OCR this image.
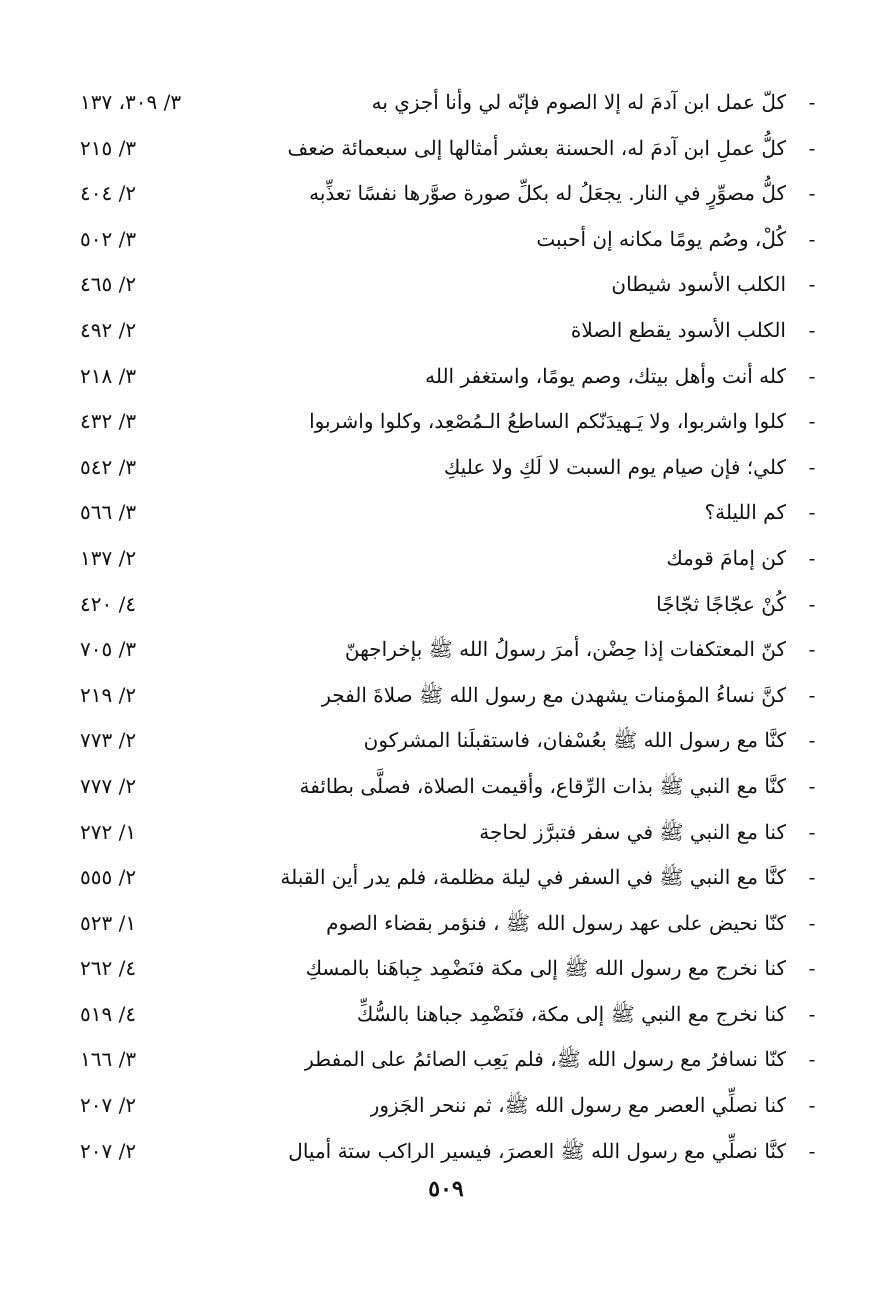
-
كلّ عمل ابن آدمَ له إلا الصوم فإنّه لي وأنا أجزي به
٣/ ٣٠٩، ١٣٧
-
كلُّ عملِ ابن آدمَ له، الحسنة بعشر أمثالها إلى سبعمائة ضعف
٣/ ٢١٥
-
كلُّ مصوِّرٍ في النار. يجعَلُ له بكلِّ صورة صوَّرها نفسًا تعذِّبه
٢/ ٤٠٤
-
كُلْ، وصُم يومًا مكانه إن أحببت
٣/ ٥٠٢
-
الكلب الأسود شيطان
٢/ ٤٦٥
-
الكلب الأسود يقطع الصلاة
٢/ ٤٩٢
-
كله أنت وأهل بيتك، وصم يومًا، واستغفر الله
٣/ ٢١٨
-
كلوا واشربوا، ولا يَـهيدَنّكم الساطعُ الـمُصْعِد، وكلوا واشربوا
٣/ ٤٣٢
-
كلي؛ فإن صيام يوم السبت لا لَكِ ولا عليكِ
٣/ ٥٤٢
-
كم الليلة؟
٣/ ٥٦٦
-
كن إمامَ قومك
٢/ ١٣٧
-
كُنْ عجّاجًا ثجّاجًا
٤/ ٤٢٠
-
كنّ المعتكفات إذا حِضْن، أمرَ رسولُ الله ﷺ بإخراجهنّ
٣/ ٧٠٥
-
كنَّ نساءُ المؤمنات يشهدن مع رسول الله ﷺ صلاةَ الفجر
٢/ ٢١٩
-
كنَّا مع رسول الله ﷺ بعُسْفان، فاستقبلَنا المشركون
٢/ ٧٧٣
-
كنَّا مع النبي ﷺ بذات الرِّقاع، وأقيمت الصلاة، فصلَّى بطائفة
٢/ ٧٧٧
-
كنا مع النبي ﷺ في سفر فتبرَّز لحاجة
١/ ٢٧٢
-
كنَّا مع النبي ﷺ في السفر في ليلة مظلمة، فلم يدر أين القبلة
٢/ ٥٥٥
-
كنّا نحيض على عهد رسول الله ﷺ ، فنؤمر بقضاء الصوم
١/ ٥٢٣
-
كنا نخرج مع رسول الله ﷺ إلى مكة فنَضْمِد جِباهَنا بالمسكِ
٤/ ٢٦٢
-
كنا نخرج مع النبي ﷺ إلى مكة، فنَضْمِد جباهنا بالسُّكِّ
٤/ ٥١٩
-
كنّا نسافرُ مع رسول الله ﷺ، فلم يَعِب الصائمُ على المفطر
٣/ ١٦٦
-
كنا نصلِّي العصر مع رسول الله ﷺ، ثم ننحر الجَزور
٢/ ٢٠٧
-
كنَّا نصلِّي مع رسول الله ﷺ العصرَ، فيسير الراكب ستة أميال
٢/ ٢٠٧
٥٠٩
